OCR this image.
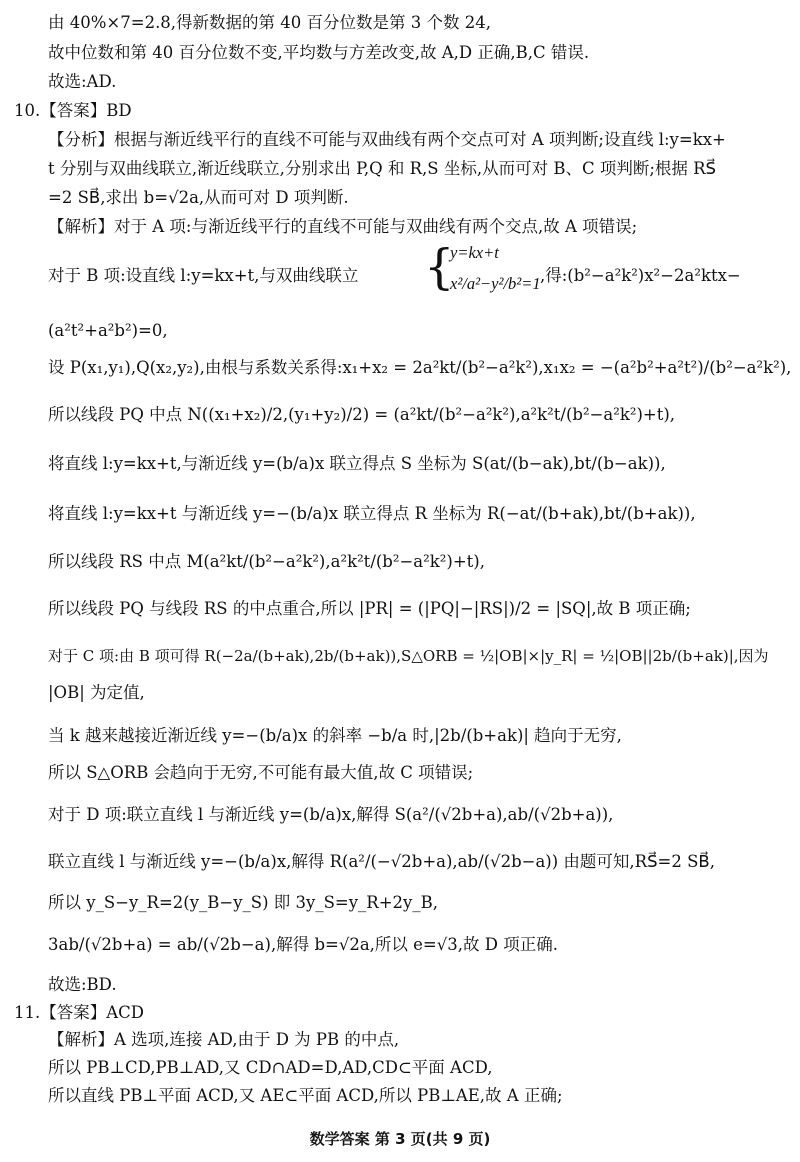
由 40%×7=2.8,得新数据的第 40 百分位数是第 3 个数 24,
故中位数和第 40 百分位数不变,平均数与方差改变,故 A,D 正确,B,C 错误.
故选:AD.
10.【答案】BD
【分析】根据与渐近线平行的直线不可能与双曲线有两个交点可对 A 项判断;设直线 l:y=kx+
t 分别与双曲线联立,渐近线联立,分别求出 P,Q 和 R,S 坐标,从而可对 B、C 项判断;根据 RS⃗
=2 SB⃗,求出 b=√2a,从而可对 D 项判断.
【解析】对于 A 项:与渐近线平行的直线不可能与双曲线有两个交点,故 A 项错误;
对于 B 项:设直线 l:y=kx+t,与双曲线联立 {
y=kx+t
x²/a²−y²/b²=1 ,得:(b²−a²k²)x²−2a²ktx−
(a²t²+a²b²)=0,
设 P(x₁,y₁),Q(x₂,y₂),由根与系数关系得:x₁+x₂ = 2a²kt/(b²−a²k²),x₁x₂ = −(a²b²+a²t²)/(b²−a²k²),
所以线段 PQ 中点 N((x₁+x₂)/2,(y₁+y₂)/2) = (a²kt/(b²−a²k²),a²k²t/(b²−a²k²)+t),
将直线 l:y=kx+t,与渐近线 y=(b/a)x 联立得点 S 坐标为 S(at/(b−ak),bt/(b−ak)),
将直线 l:y=kx+t 与渐近线 y=−(b/a)x 联立得点 R 坐标为 R(−at/(b+ak),bt/(b+ak)),
所以线段 RS 中点 M(a²kt/(b²−a²k²),a²k²t/(b²−a²k²)+t),
所以线段 PQ 与线段 RS 的中点重合,所以 |PR| = (|PQ|−|RS|)/2 = |SQ|,故 B 项正确;
对于 C 项:由 B 项可得 R(−2a/(b+ak),2b/(b+ak)),S△ORB = ½|OB|×|y_R| = ½|OB||2b/(b+ak)|,因为
|OB| 为定值,
当 k 越来越接近渐近线 y=−(b/a)x 的斜率 −b/a 时,|2b/(b+ak)| 趋向于无穷,
所以 S△ORB 会趋向于无穷,不可能有最大值,故 C 项错误;
对于 D 项:联立直线 l 与渐近线 y=(b/a)x,解得 S(a²/(√2b+a),ab/(√2b+a)),
联立直线 l 与渐近线 y=−(b/a)x,解得 R(a²/(−√2b+a),ab/(√2b−a)) 由题可知,RS⃗=2 SB⃗,
所以 y_S−y_R=2(y_B−y_S) 即 3y_S=y_R+2y_B,
3ab/(√2b+a) = ab/(√2b−a),解得 b=√2a,所以 e=√3,故 D 项正确.
故选:BD.
11.【答案】ACD
【解析】A 选项,连接 AD,由于 D 为 PB 的中点,
所以 PB⊥CD,PB⊥AD,又 CD∩AD=D,AD,CD⊂平面 ACD,
所以直线 PB⊥平面 ACD,又 AE⊂平面 ACD,所以 PB⊥AE,故 A 正确;
数学答案 第 3 页(共 9 页)
